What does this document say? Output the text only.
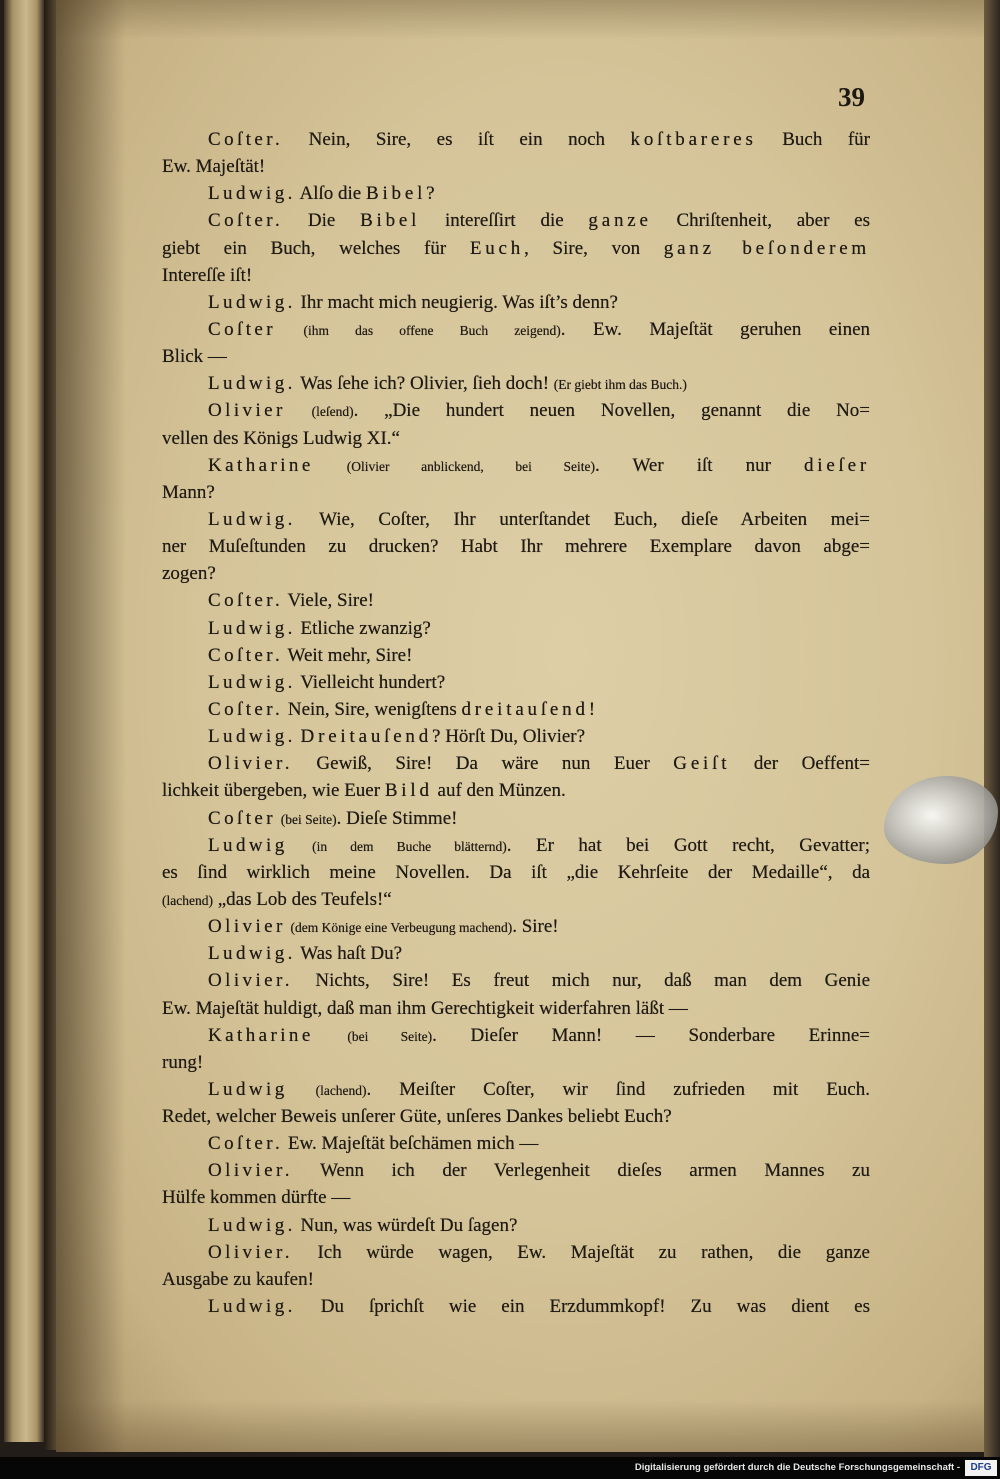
39
Coſter. Nein, Sire, es iſt ein noch koſtbareres Buch für
Ew. Majeſtät!
Ludwig. Alſo die Bibel?
Coſter. Die Bibel intereſſirt die ganze Chriſtenheit, aber es
giebt ein Buch, welches für Euch, Sire, von ganz beſonderem
Intereſſe iſt!
Ludwig. Ihr macht mich neugierig. Was iſt’s denn?
Coſter (ihm das offene Buch zeigend). Ew. Majeſtät geruhen einen
Blick —
Ludwig. Was ſehe ich? Olivier, ſieh doch! (Er giebt ihm das Buch.)
Olivier (leſend). „Die hundert neuen Novellen, genannt die No=
vellen des Königs Ludwig XI.“
Katharine (Olivier anblickend, bei Seite). Wer iſt nur dieſer
Mann?
Ludwig. Wie, Coſter, Ihr unterſtandet Euch, dieſe Arbeiten mei=
ner Muſeſtunden zu drucken? Habt Ihr mehrere Exemplare davon abge=
zogen?
Coſter. Viele, Sire!
Ludwig. Etliche zwanzig?
Coſter. Weit mehr, Sire!
Ludwig. Vielleicht hundert?
Coſter. Nein, Sire, wenigſtens dreitauſend!
Ludwig. Dreitauſend? Hörſt Du, Olivier?
Olivier. Gewiß, Sire! Da wäre nun Euer Geiſt der Oeffent=
lichkeit übergeben, wie Euer Bild auf den Münzen.
Coſter (bei Seite). Dieſe Stimme!
Ludwig (in dem Buche blätternd). Er hat bei Gott recht, Gevatter;
es ſind wirklich meine Novellen. Da iſt „die Kehrſeite der Medaille“, da
(lachend) „das Lob des Teufels!“
Olivier (dem Könige eine Verbeugung machend). Sire!
Ludwig. Was haſt Du?
Olivier. Nichts, Sire! Es freut mich nur, daß man dem Genie
Ew. Majeſtät huldigt, daß man ihm Gerechtigkeit widerfahren läßt —
Katharine (bei Seite). Dieſer Mann! — Sonderbare Erinne=
rung!
Ludwig (lachend). Meiſter Coſter, wir ſind zufrieden mit Euch.
Redet, welcher Beweis unſerer Güte, unſeres Dankes beliebt Euch?
Coſter. Ew. Majeſtät beſchämen mich —
Olivier. Wenn ich der Verlegenheit dieſes armen Mannes zu
Hülfe kommen dürfte —
Ludwig. Nun, was würdeſt Du ſagen?
Olivier. Ich würde wagen, Ew. Majeſtät zu rathen, die ganze
Ausgabe zu kaufen!
Ludwig. Du ſprichſt wie ein Erzdummkopf! Zu was dient es
Digitalisierung gefördert durch die Deutsche Forschungsgemeinschaft -	DFG
